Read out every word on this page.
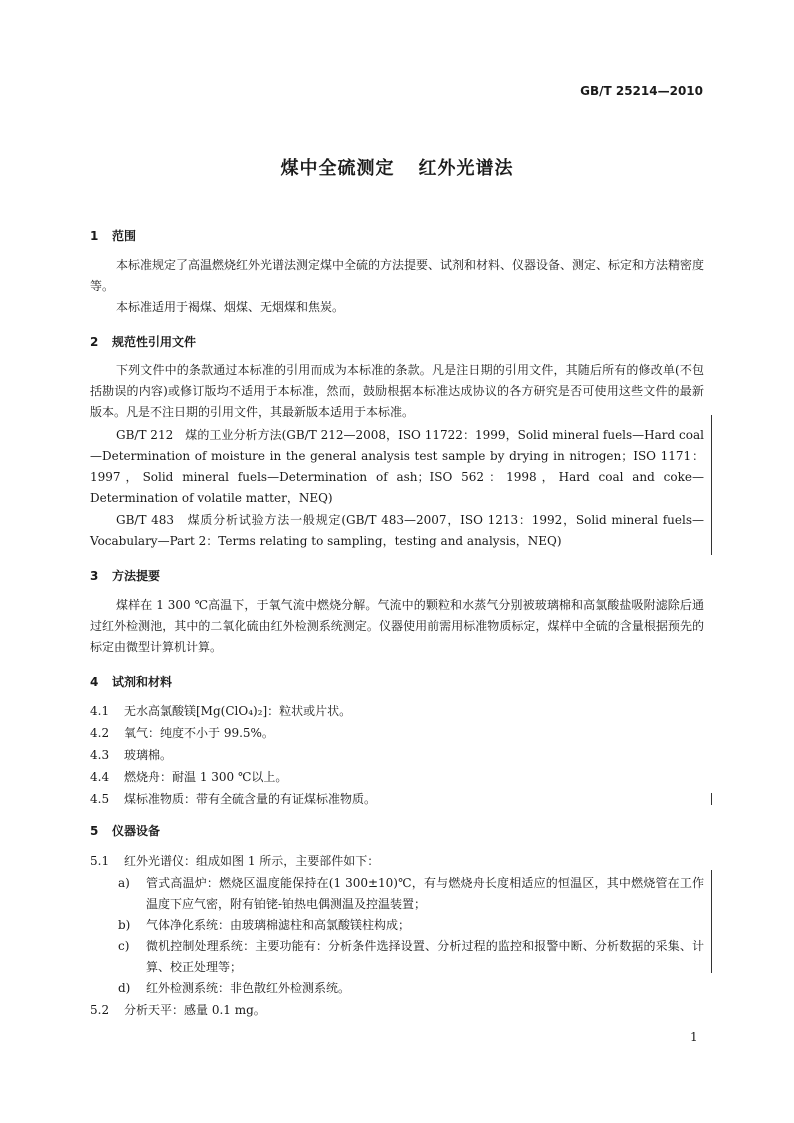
GB/T 25214—2010
煤中全硫测定 红外光谱法
1 范围
本标准规定了高温燃烧红外光谱法测定煤中全硫的方法提要、试剂和材料、仪器设备、测定、标定和方法精密度等。
本标准适用于褐煤、烟煤、无烟煤和焦炭。
2 规范性引用文件
下列文件中的条款通过本标准的引用而成为本标准的条款。凡是注日期的引用文件，其随后所有的修改单(不包括勘误的内容)或修订版均不适用于本标准，然而，鼓励根据本标准达成协议的各方研究是否可使用这些文件的最新版本。凡是不注日期的引用文件，其最新版本适用于本标准。
GB/T 212　煤的工业分析方法(GB/T 212—2008，ISO 11722：1999，Solid mineral fuels—Hard coal—Determination of moisture in the general analysis test sample by drying in nitrogen；ISO 1171：1997，Solid mineral fuels—Determination of ash；ISO 562：1998，Hard coal and coke—Determination of volatile matter，NEQ)
GB/T 483　煤质分析试验方法一般规定(GB/T 483—2007，ISO 1213：1992，Solid mineral fuels—Vocabulary—Part 2：Terms relating to sampling，testing and analysis，NEQ)
3 方法提要
煤样在 1 300 ℃高温下，于氧气流中燃烧分解。气流中的颗粒和水蒸气分别被玻璃棉和高氯酸盐吸附滤除后通过红外检测池，其中的二氧化硫由红外检测系统测定。仪器使用前需用标准物质标定，煤样中全硫的含量根据预先的标定由微型计算机计算。
4 试剂和材料
4.1 无水高氯酸镁[Mg(ClO₄)₂]：粒状或片状。
4.2 氧气：纯度不小于 99.5%。
4.3 玻璃棉。
4.4 燃烧舟：耐温 1 300 ℃以上。
4.5 煤标准物质：带有全硫含量的有证煤标准物质。
5 仪器设备
5.1 红外光谱仪：组成如图 1 所示，主要部件如下：
a) 管式高温炉：燃烧区温度能保持在(1 300±10)℃，有与燃烧舟长度相适应的恒温区，其中燃烧管在工作温度下应气密，附有铂铑-铂热电偶测温及控温装置；
b) 气体净化系统：由玻璃棉滤柱和高氯酸镁柱构成；
c) 微机控制处理系统：主要功能有：分析条件选择设置、分析过程的监控和报警中断、分析数据的采集、计算、校正处理等；
d) 红外检测系统：非色散红外检测系统。
5.2 分析天平：感量 0.1 mg。
1
